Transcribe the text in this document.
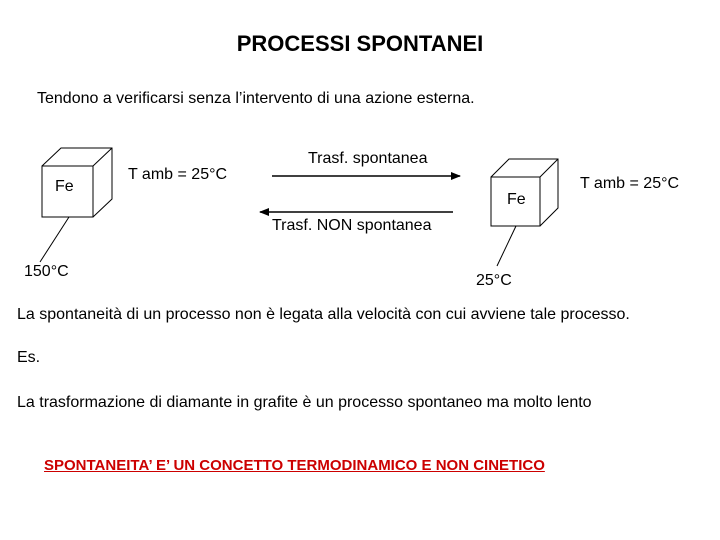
PROCESSI SPONTANEI
Tendono a verificarsi senza l’intervento di una azione esterna.
Fe
T amb = 25°C
150°C
Fe
T amb = 25°C
25°C
Trasf. spontanea
Trasf. NON spontanea
La spontaneità di un processo non è legata alla velocità con cui avviene tale processo.
Es.
La trasformazione di diamante in grafite è un processo spontaneo ma molto lento
SPONTANEITA’ E’ UN CONCETTO TERMODINAMICO E NON CINETICO
